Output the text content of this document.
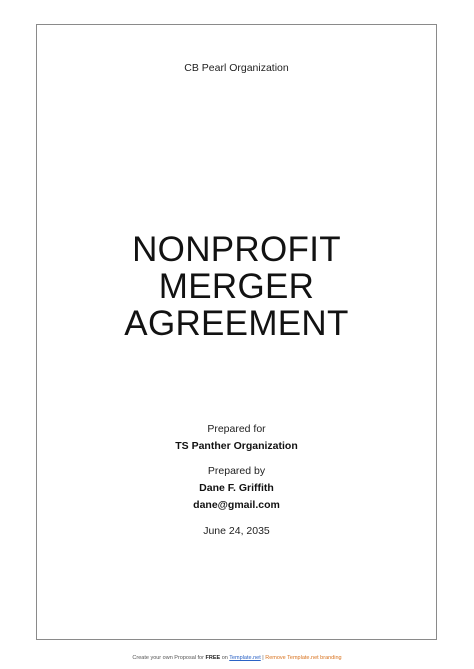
CB Pearl Organization
NONPROFIT
MERGER
AGREEMENT
Prepared for
TS Panther Organization
Prepared by
Dane F. Griffith
dane@gmail.com
June 24, 2035
Create your own Proposal for FREE on Template.net | Remove Template.net branding
